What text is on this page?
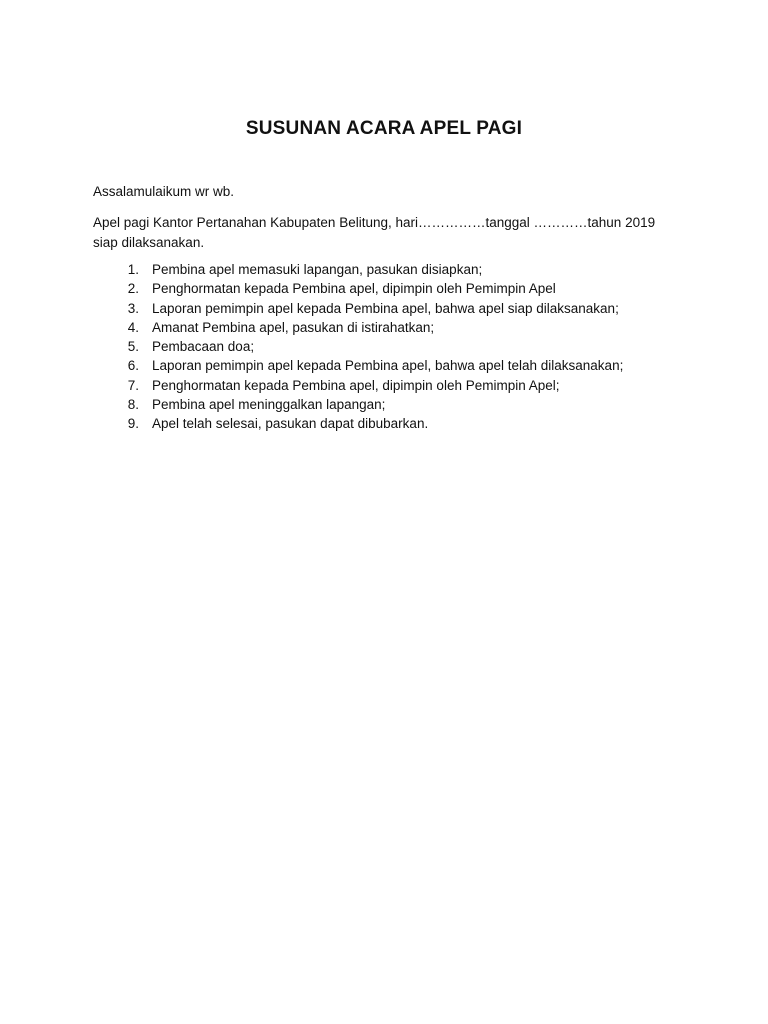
SUSUNAN ACARA APEL PAGI
Assalamulaikum wr wb.
Apel pagi Kantor Pertanahan Kabupaten Belitung, hari……………tanggal …………tahun 2019 siap dilaksanakan.
1. Pembina apel memasuki lapangan, pasukan disiapkan;
2. Penghormatan kepada Pembina apel, dipimpin oleh Pemimpin Apel
3. Laporan pemimpin apel kepada Pembina apel, bahwa apel siap dilaksanakan;
4. Amanat Pembina apel, pasukan di istirahatkan;
5. Pembacaan doa;
6. Laporan pemimpin apel kepada Pembina apel, bahwa apel telah dilaksanakan;
7. Penghormatan kepada Pembina apel, dipimpin oleh Pemimpin Apel;
8. Pembina apel meninggalkan lapangan;
9. Apel telah selesai, pasukan dapat dibubarkan.
